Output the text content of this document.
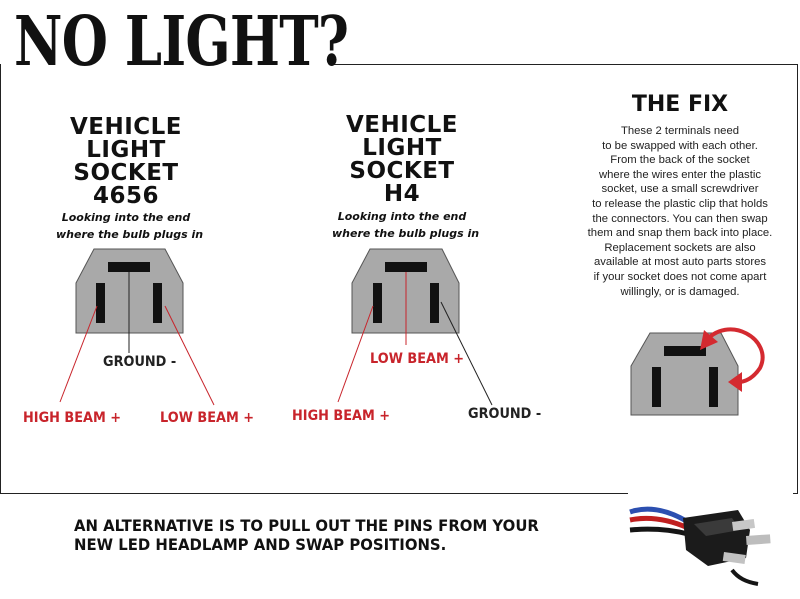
NO LIGHT?
VEHICLE
LIGHT
SOCKET
4656
Looking into the end
where the bulb plugs in
VEHICLE
LIGHT
SOCKET
H4
Looking into the end
where the bulb plugs in
THE FIX
These 2 terminals need
to be swapped with each other.
From the back of the socket
where the wires enter the plastic
socket, use a small screwdriver
to release the plastic clip that holds
the connectors. You can then swap
them and snap them back into place.
Replacement sockets are also
available at most auto parts stores
if your socket does not come apart
willingly, or is damaged.
GROUND -
HIGH BEAM +	LOW BEAM +
LOW BEAM +
HIGH BEAM +	GROUND -
AN ALTERNATIVE IS TO PULL OUT THE PINS FROM YOUR
NEW LED HEADLAMP AND SWAP POSITIONS.
